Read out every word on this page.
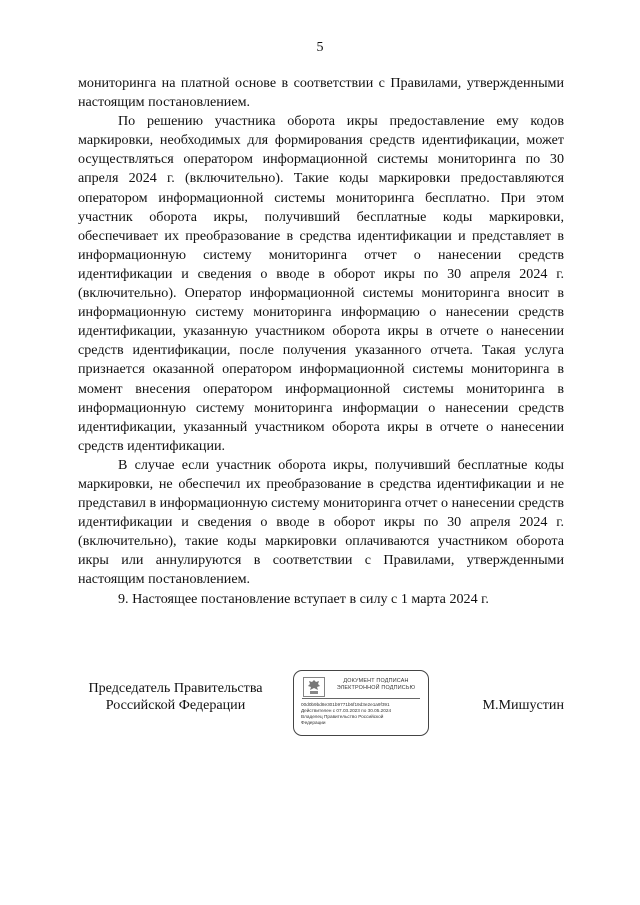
5

мониторинга на платной основе в соответствии с Правилами, утвержденными настоящим постановлением.

По решению участника оборота икры предоставление ему кодов маркировки, необходимых для формирования средств идентификации, может осуществляться оператором информационной системы мониторинга по 30 апреля 2024 г. (включительно). Такие коды маркировки предоставляются оператором информационной системы мониторинга бесплатно. При этом участник оборота икры, получивший бесплатные коды маркировки, обеспечивает их преобразование в средства идентификации и представляет в информационную систему мониторинга отчет о нанесении средств идентификации и сведения о вводе в оборот икры по 30 апреля 2024 г. (включительно). Оператор информационной системы мониторинга вносит в информационную систему мониторинга информацию о нанесении средств идентификации, указанную участником оборота икры в отчете о нанесении средств идентификации, после получения указанного отчета. Такая услуга признается оказанной оператором информационной системы мониторинга в момент внесения оператором информационной системы мониторинга в информационную систему мониторинга информации о нанесении средств идентификации, указанный участником оборота икры в отчете о нанесении средств идентификации.

В случае если участник оборота икры, получивший бесплатные коды маркировки, не обеспечил их преобразование в средства идентификации и не представил в информационную систему мониторинга отчет о нанесении средств идентификации и сведения о вводе в оборот икры по 30 апреля 2024 г. (включительно), такие коды маркировки оплачиваются участником оборота икры или аннулируются в соответствии с Правилами, утвержденными настоящим постановлением.

9. Настоящее постановление вступает в силу с 1 марта 2024 г.

Председатель Правительства
Российской Федерации
ДОКУМЕНТ ПОДПИСАН
ЭЛЕКТРОННОЙ ПОДПИСЬЮ
00d0b9bd8e301b9771b6f19d3e2e1a9f391
Действителен с 07.03.2023 по 30.05.2024
Владелец Правительство Российской
Федерации
М.Мишустин
